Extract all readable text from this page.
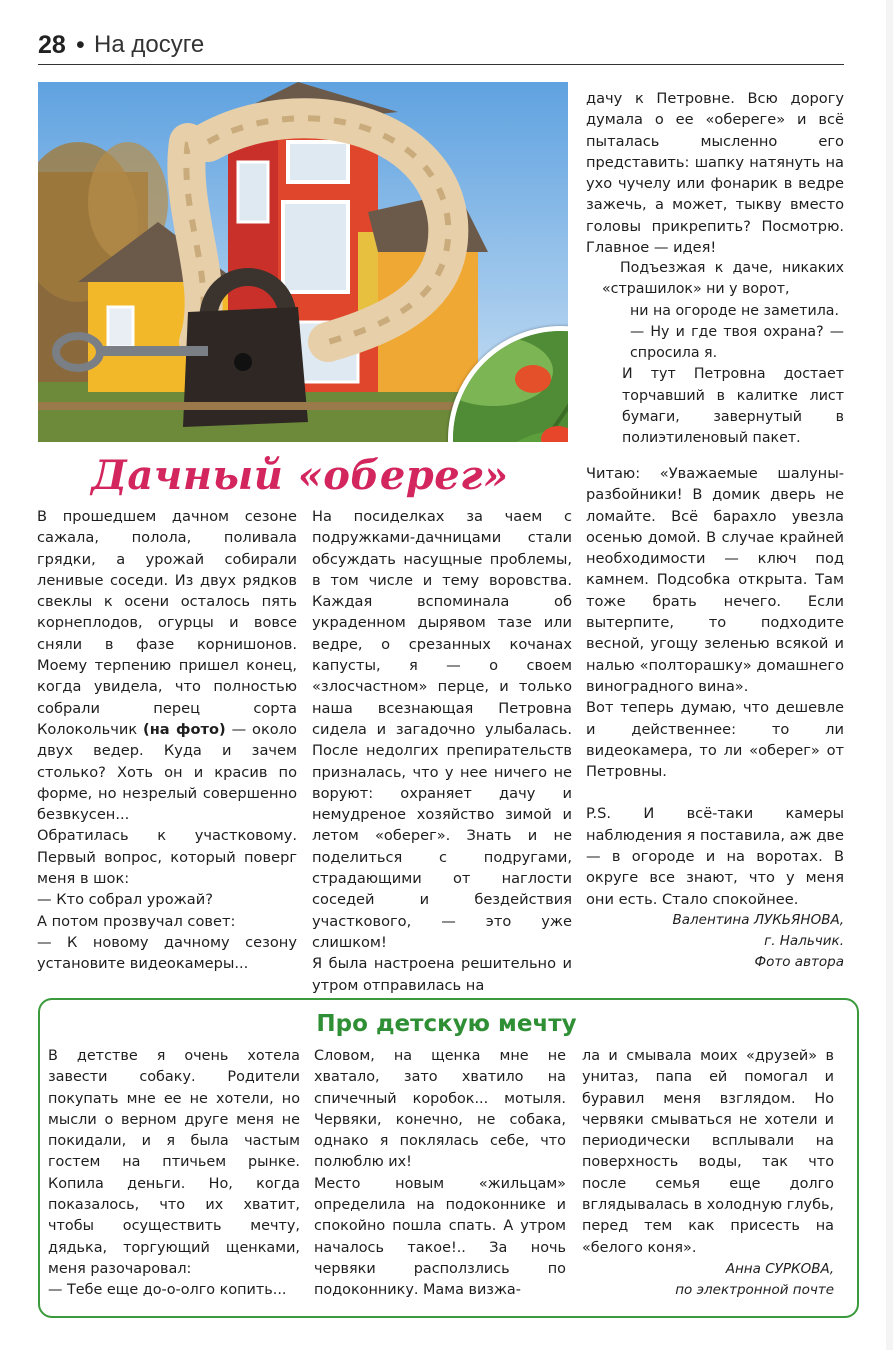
28 • На досуге
Дачный «оберег»

В прошедшем дачном сезоне сажала, полола, поливала грядки, а урожай собирали ленивые соседи. Из двух рядков свеклы к осени осталось пять корнеплодов, огурцы и вовсе сняли в фазе корнишонов. Моему терпению пришел конец, когда увидела, что полностью собрали перец сорта Колокольчик (на фото) — около двух ведер. Куда и зачем столько? Хоть он и красив по форме, но незрелый совершенно безвкусен...

Обратилась к участковому. Первый вопрос, который поверг меня в шок:

— Кто собрал урожай?

А потом прозвучал совет:

— К новому дачному сезону установите видеокамеры...

На посиделках за чаем с подружками-дачницами стали обсуждать насущные проблемы, в том числе и тему воровства. Каждая вспоминала об украденном дырявом тазе или ведре, о срезанных кочанах капусты, я — о своем «злосчастном» перце, и только наша всезнающая Петровна сидела и загадочно улыбалась. После недолгих препирательств призналась, что у нее ничего не воруют: охраняет дачу и немудреное хозяйство зимой и летом «оберег». Знать и не поделиться с подругами, страдающими от наглости соседей и бездействия участкового, — это уже слишком!

Я была настроена решительно и утром отправилась на

дачу к Петровне. Всю дорогу думала о ее «обереге» и всё пыталась мысленно его представить: шапку натянуть на ухо чучелу или фонарик в ведре зажечь, а может, тыкву вместо головы прикрепить? Посмотрю. Главное — идея!

Подъезжая к даче, никаких «страшилок» ни у ворот,

ни на огороде не заметила.

— Ну и где твоя охрана? — спросила я.

И тут Петровна достает торчавший в калитке лист бумаги, завернутый в полиэтиленовый пакет.

Читаю: «Уважаемые шалуны-разбойники! В домик дверь не ломайте. Всё барахло увезла осенью домой. В случае крайней необходимости — ключ под камнем. Подсобка открыта. Там тоже брать нечего. Если вытерпите, то подходите весной, угощу зеленью всякой и налью «полторашку» домашнего виноградного вина».

Вот теперь думаю, что дешевле и действеннее: то ли видеокамера, то ли «оберег» от Петровны.

P.S. И всё-таки камеры наблюдения я поставила, аж две — в огороде и на воротах. В округе все знают, что у меня они есть. Стало спокойнее.

Валентина ЛУКЬЯНОВА,

г. Нальчик.

Фото автора

Про детскую мечту

В детстве я очень хотела завести собаку. Родители покупать мне ее не хотели, но мысли о верном друге меня не покидали, и я была частым гостем на птичьем рынке. Копила деньги. Но, когда показалось, что их хватит, чтобы осуществить мечту, дядька, торгующий щенками, меня разочаровал:

— Тебе еще до-о-олго копить...

Словом, на щенка мне не хватало, зато хватило на спичечный коробок... мотыля. Червяки, конечно, не собака, однако я поклялась себе, что полюблю их!

Место новым «жильцам» определила на подоконнике и спокойно пошла спать. А утром началось такое!.. За ночь червяки расползлись по подоконнику. Мама визжа-

ла и смывала моих «друзей» в унитаз, папа ей помогал и буравил меня взглядом. Но червяки смываться не хотели и периодически всплывали на поверхность воды, так что после семья еще долго вглядывалась в холодную глубь, перед тем как присесть на «белого коня».

Анна СУРКОВА,

по электронной почте
